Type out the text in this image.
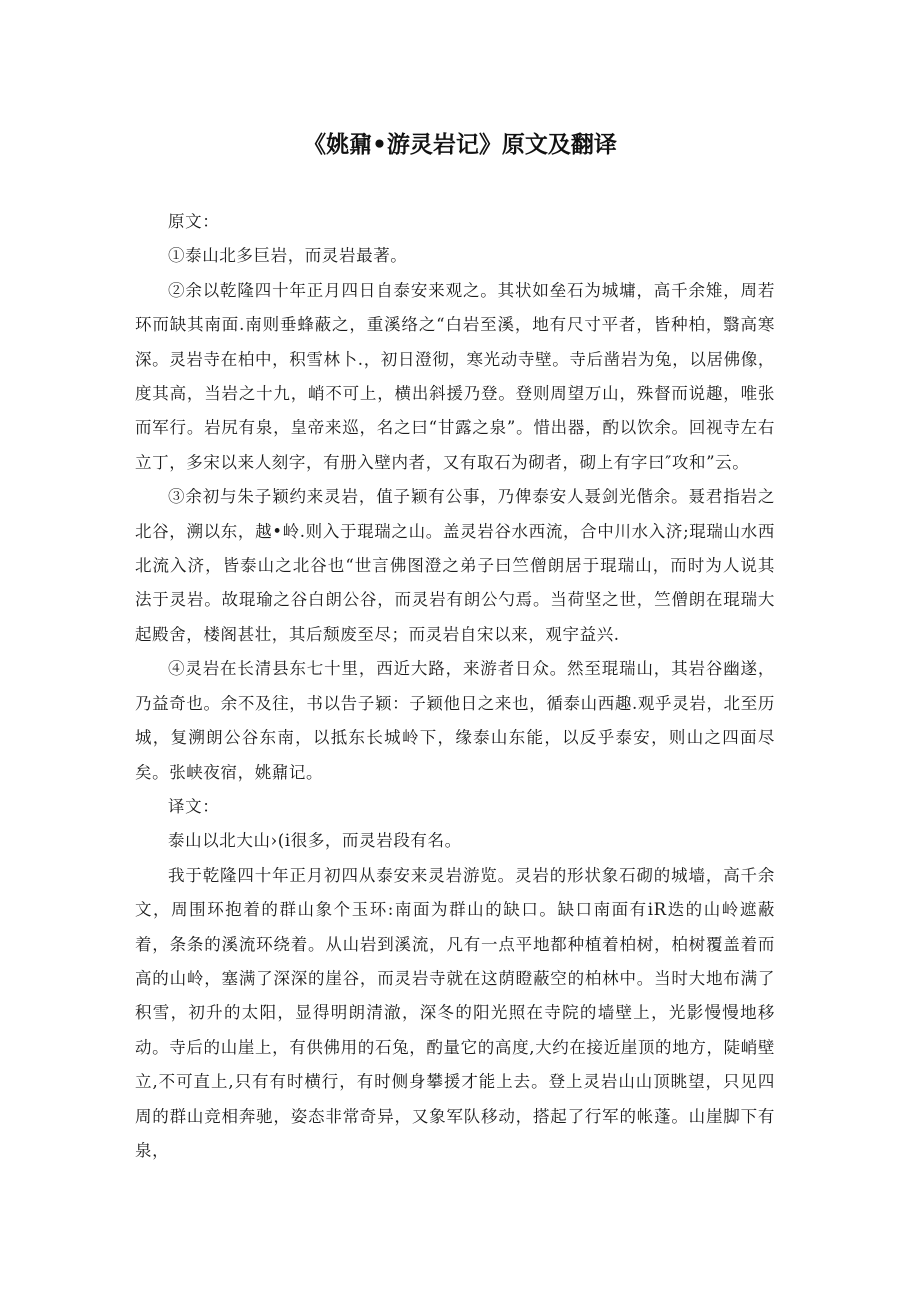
《姚鼐•游灵岩记》原文及翻译

原文：

①泰山北多巨岩，而灵岩最著。

②余以乾隆四十年正月四日自泰安来观之。其状如垒石为城墉，高千余雉，周若环而缺其南面.南则垂蜂蔽之，重溪络之“白岩至溪，地有尺寸平者，皆种柏，翳高寒深。灵岩寺在柏中，积雪林卜.，初日澄彻，寒光动寺壁。寺后凿岩为兔，以居佛像，度其高，当岩之十九，峭不可上，横出斜援乃登。登则周望万山，殊督而说趣，唯张而军行。岩尻有泉，皇帝来巡，名之曰“甘露之泉”。惜出器，酌以饮余。回视寺左右立丁，多宋以来人刻字，有册入壁内者，又有取石为砌者，砌上有字曰″攻和”云。

③余初与朱子颖约来灵岩，值子颖有公事，乃俾泰安人聂剑光偕余。聂君指岩之北谷，溯以东，越•岭.则入于琨瑞之山。盖灵岩谷水西流，合中川水入济;琨瑞山水西北流入济，皆泰山之北谷也“世言佛图澄之弟子曰竺僧朗居于琨瑞山，而时为人说其法于灵岩。故琨瑜之谷白朗公谷，而灵岩有朗公勺焉。当荷坚之世，竺僧朗在琨瑞大起殿舍，楼阁甚壮，其后颓废至尽；而灵岩自宋以来，观宇益兴.

④灵岩在长清县东七十里，西近大路，来游者日众。然至琨瑞山，其岩谷幽遂，乃益奇也。余不及往，书以告子颖：子颖他日之来也，循泰山西趣.观乎灵岩，北至历城，复溯朗公谷东南，以抵东长城岭下，缘泰山东能，以反乎泰安，则山之四面尽矣。张峡夜宿，姚鼐记。

译文：

泰山以北大山›(i很多，而灵岩段有名。

我于乾隆四十年正月初四从泰安来灵岩游览。灵岩的形状象石砌的城墙，高千余文，周围环抱着的群山象个玉环:南面为群山的缺口。缺口南面有iR迭的山岭遮蔽着，条条的溪流环绕着。从山岩到溪流，凡有一点平地都种植着柏树，柏树覆盖着而高的山岭，塞满了深深的崖谷，而灵岩寺就在这荫瞪蔽空的柏林中。当时大地布满了积雪，初升的太阳，显得明朗清澈，深冬的阳光照在寺院的墙壁上，光影慢慢地移动。寺后的山崖上，有供佛用的石兔，酌量它的高度,大约在接近崖顶的地方，陡峭壁立,不可直上,只有有时横行，有时侧身攀援才能上去。登上灵岩山山顶眺望，只见四周的群山竞相奔驰，姿态非常奇异，又象军队移动，搭起了行军的帐蓬。山崖脚下有泉，
